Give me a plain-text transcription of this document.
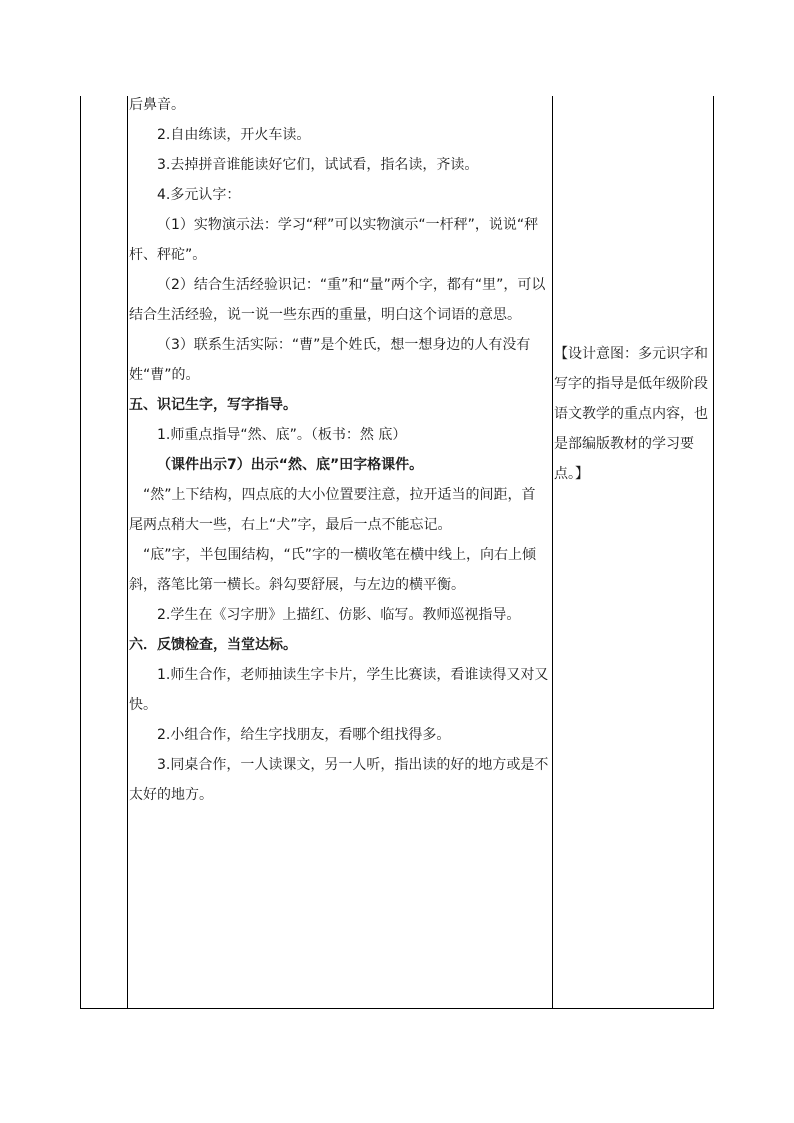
后鼻音。

2.自由练读，开火车读。

3.去掉拼音谁能读好它们，试试看，指名读，齐读。

4.多元认字：

（1）实物演示法：学习“秤”可以实物演示“一杆秤”，说说“秤杆、秤砣”。

（2）结合生活经验识记：“重”和“量”两个字，都有“里”，可以结合生活经验，说一说一些东西的重量，明白这个词语的意思。

（3）联系生活实际：“曹”是个姓氏，想一想身边的人有没有姓“曹”的。

五、识记生字，写字指导。

1.师重点指导“然、底”。（板书：然 底）

（课件出示7）出示“然、底”田字格课件。

“然”上下结构，四点底的大小位置要注意，拉开适当的间距，首尾两点稍大一些，右上“犬”字，最后一点不能忘记。

“底”字，半包围结构，“氏”字的一横收笔在横中线上，向右上倾斜，落笔比第一横长。斜勾要舒展，与左边的横平衡。

2.学生在《习字册》上描红、仿影、临写。教师巡视指导。

六．反馈检查，当堂达标。

1.师生合作，老师抽读生字卡片，学生比赛读，看谁读得又对又快。

2.小组合作，给生字找朋友，看哪个组找得多。

3.同桌合作，一人读课文，另一人听，指出读的好的地方或是不太好的地方。

【设计意图：多元识字和写字的指导是低年级阶段语文教学的重点内容，也是部编版教材的学习要点。】
